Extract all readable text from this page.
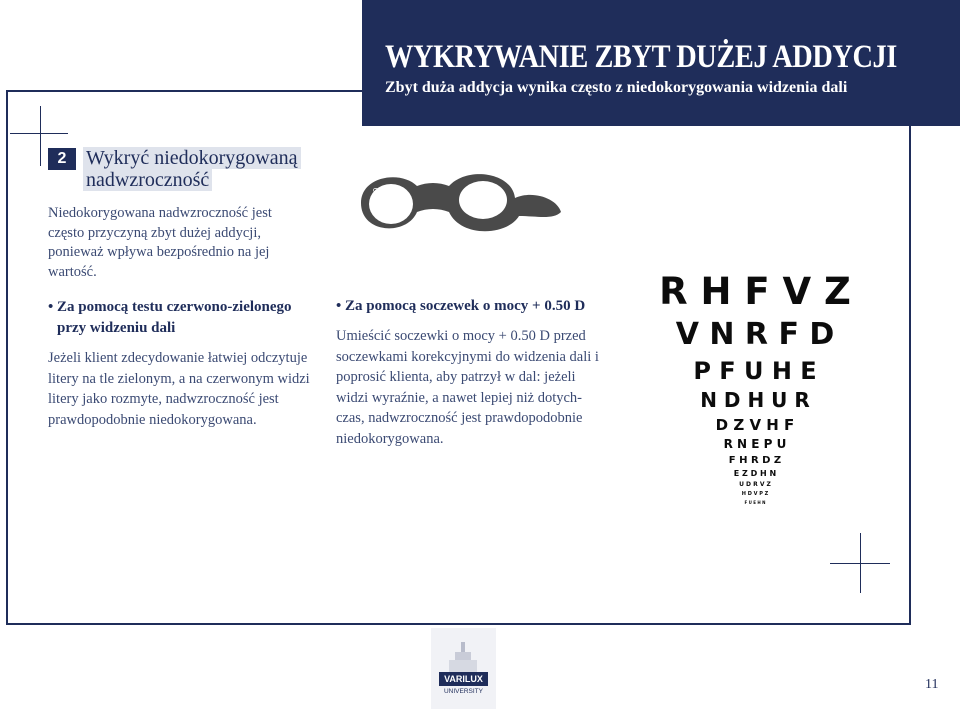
WYKRYWANIE ZBYT DUŻEJ ADDYCJI
Zbyt duża addycja wynika często z niedokorygowania widzenia dali
2 Wykryć niedokorygowaną
nadwzroczność
Niedokorygowana nadwzroczność jest często przyczyną zbyt dużej addycji, ponieważ wpływa bezpośrednio na jej wartość.
• Za pomocą testu czerwono-zielonego
przy widzeniu dali
Jeżeli klient zdecydowanie łatwiej odczytuje litery na tle zielonym, a na czerwonym widzi litery jako rozmyte, nadwzroczność jest prawdopodobnie niedokorygowana.
+0.50
• Za pomocą soczewek o mocy + 0.50 D
Umieścić soczewki o mocy + 0.50 D przed soczewkami korekcyjnymi do widzenia dali i poprosić klienta, aby patrzył w dal: jeżeli widzi wyraźnie, a nawet lepiej niż dotych-czas, nadwzroczność jest prawdopodobnie niedokorygowana.
R H F V Z
V N R F D
P F U H E
N D H U R
D Z V H F
R N E P U
F H R D Z
E Z D H N
U D R V Z
H D V P Z
F U E H N
VARILUX
UNIVERSITY	11
